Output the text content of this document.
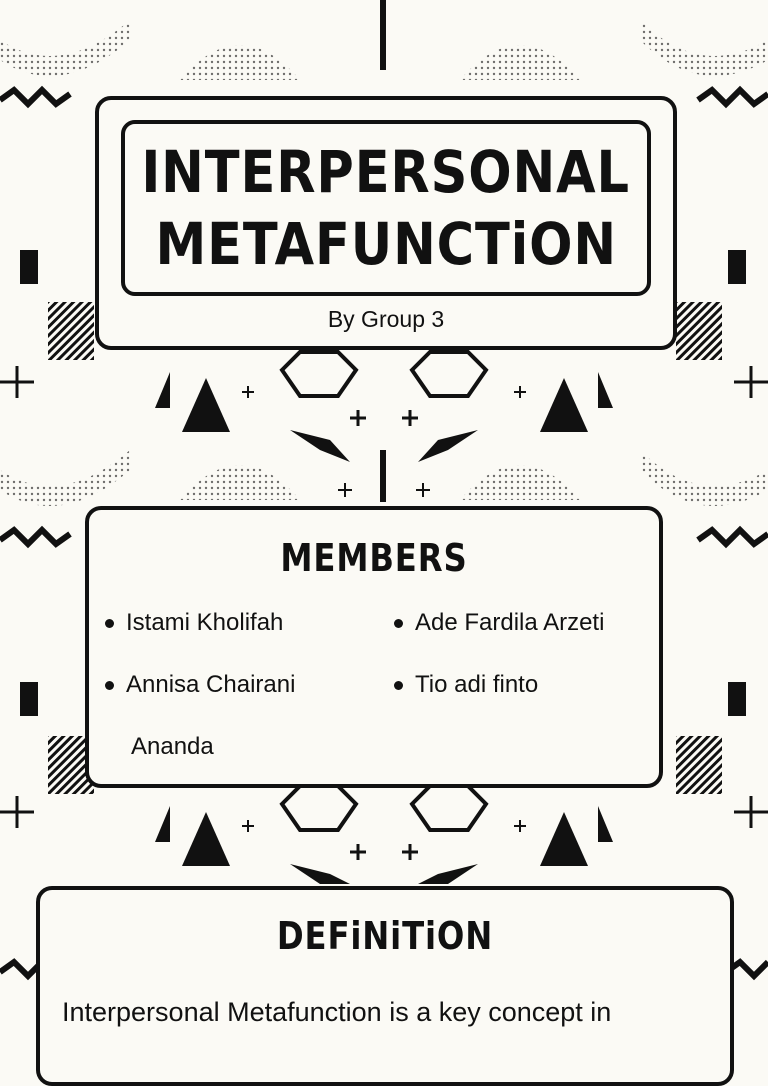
INTERPERSONAL
METAFUNCTiON
By Group 3
MEMBERS
Istami Kholifah
Annisa Chairani
Ananda
Ade Fardila Arzeti
Tio adi finto
DEFiNiTiON
Interpersonal Metafunction is a key concept in
